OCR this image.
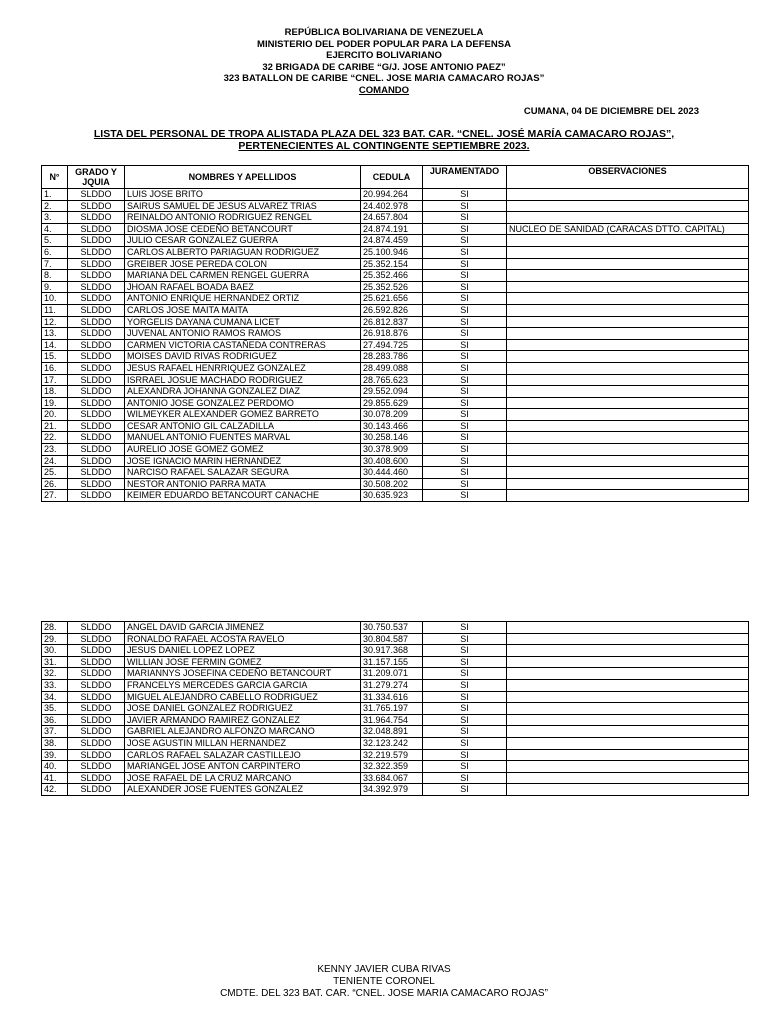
REPÚBLICA BOLIVARIANA DE VENEZUELA
MINISTERIO DEL PODER POPULAR PARA LA DEFENSA
EJERCITO BOLIVARIANO
32 BRIGADA DE CARIBE “G/J. JOSE ANTONIO PAEZ”
323 BATALLON DE CARIBE “CNEL. JOSE MARIA CAMACARO ROJAS”
COMANDO
CUMANA, 04 DE DICIEMBRE DEL 2023
LISTA DEL PERSONAL DE TROPA ALISTADA PLAZA DEL 323 BAT. CAR. “CNEL. JOSÉ MARÍA CAMACARO ROJAS”,
PERTENECIENTES AL CONTINGENTE SEPTIEMBRE 2023.
N°	GRADO Y JQUIA	NOMBRES Y APELLIDOS	CEDULA	JURAMENTADO	OBSERVACIONES
1.	SLDDO	LUIS JOSE BRITO	20.994.264	SI	
2.	SLDDO	SAIRUS SAMUEL DE JESUS ALVAREZ TRIAS	24.402.978	SI	
3.	SLDDO	REINALDO ANTONIO RODRIGUEZ RENGEL	24.657.804	SI	
4.	SLDDO	DIOSMA JOSE CEDEÑO BETANCOURT	24.874.191	SI	NUCLEO DE SANIDAD (CARACAS DTTO. CAPITAL)
5.	SLDDO	JULIO CESAR GONZALEZ GUERRA	24.874.459	SI	
6.	SLDDO	CARLOS ALBERTO PARIAGUAN RODRIGUEZ	25.100.946	SI	
7.	SLDDO	GREIBER JOSE PEREDA COLON	25.352.154	SI	
8.	SLDDO	MARIANA DEL CARMEN RENGEL GUERRA	25.352.466	SI	
9.	SLDDO	JHOAN RAFAEL BOADA BAEZ	25.352.526	SI	
10.	SLDDO	ANTONIO ENRIQUE HERNANDEZ ORTIZ	25.621.656	SI	
11.	SLDDO	CARLOS JOSE MAITA MAITA	26.592.826	SI	
12.	SLDDO	YORGELIS DAYANA CUMANA LICET	26.812.837	SI	
13.	SLDDO	JUVENAL ANTONIO RAMOS RAMOS	26.918.876	SI	
14.	SLDDO	CARMEN VICTORIA CASTAÑEDA CONTRERAS	27.494.725	SI	
15.	SLDDO	MOISES DAVID RIVAS RODRIGUEZ	28.283.786	SI	
16.	SLDDO	JESUS RAFAEL HENRRIQUEZ GONZALEZ	28.499.088	SI	
17.	SLDDO	ISRRAEL JOSUE MACHADO RODRIGUEZ	28.765.623	SI	
18.	SLDDO	ALEXANDRA JOHANNA GONZALEZ DIAZ	29.552.094	SI	
19.	SLDDO	ANTONIO JOSE GONZALEZ PERDOMO	29.855.629	SI	
20.	SLDDO	WILMEYKER ALEXANDER GOMEZ BARRETO	30.078.209	SI	
21.	SLDDO	CESAR ANTONIO GIL CALZADILLA	30.143.466	SI	
22.	SLDDO	MANUEL ANTONIO FUENTES MARVAL	30.258.146	SI	
23.	SLDDO	AURELIO JOSE GOMEZ GOMEZ	30.378.909	SI	
24.	SLDDO	JOSE IGNACIO MARIN HERNANDEZ	30.408.600	SI	
25.	SLDDO	NARCISO RAFAEL SALAZAR SEGURA	30.444.460	SI	
26.	SLDDO	NESTOR ANTONIO PARRA MATA	30.508.202	SI	
27.	SLDDO	KEIMER EDUARDO BETANCOURT CANACHE	30.635.923	SI	
28.	SLDDO	ANGEL DAVID GARCIA JIMENEZ	30.750.537	SI	
29.	SLDDO	RONALDO RAFAEL ACOSTA RAVELO	30.804.587	SI	
30.	SLDDO	JESUS DANIEL LOPEZ LOPEZ	30.917.368	SI	
31.	SLDDO	WILLIAN JOSE FERMIN GOMEZ	31.157.155	SI	
32.	SLDDO	MARIANNYS JOSEFINA CEDEÑO BETANCOURT	31.209.071	SI	
33.	SLDDO	FRANCELYS MERCEDES GARCIA GARCIA	31.279.274	SI	
34.	SLDDO	MIGUEL ALEJANDRO CABELLO RODRIGUEZ	31.334.616	SI	
35.	SLDDO	JOSE DANIEL GONZALEZ RODRIGUEZ	31.765.197	SI	
36.	SLDDO	JAVIER ARMANDO RAMIREZ GONZALEZ	31.964.754	SI	
37.	SLDDO	GABRIEL ALEJANDRO ALFONZO MARCANO	32.048.891	SI	
38.	SLDDO	JOSE AGUSTIN MILLAN HERNANDEZ	32.123.242	SI	
39.	SLDDO	CARLOS RAFAEL SALAZAR CASTILLEJO	32.219.579	SI	
40.	SLDDO	MARIANGEL JOSE ANTON CARPINTERO	32.322.359	SI	
41.	SLDDO	JOSE RAFAEL DE LA CRUZ MARCANO	33.684.067	SI	
42.	SLDDO	ALEXANDER JOSE FUENTES GONZALEZ	34.392.979	SI	
KENNY JAVIER CUBA RIVAS
TENIENTE CORONEL
CMDTE. DEL 323 BAT. CAR. “CNEL. JOSE MARIA CAMACARO ROJAS”
